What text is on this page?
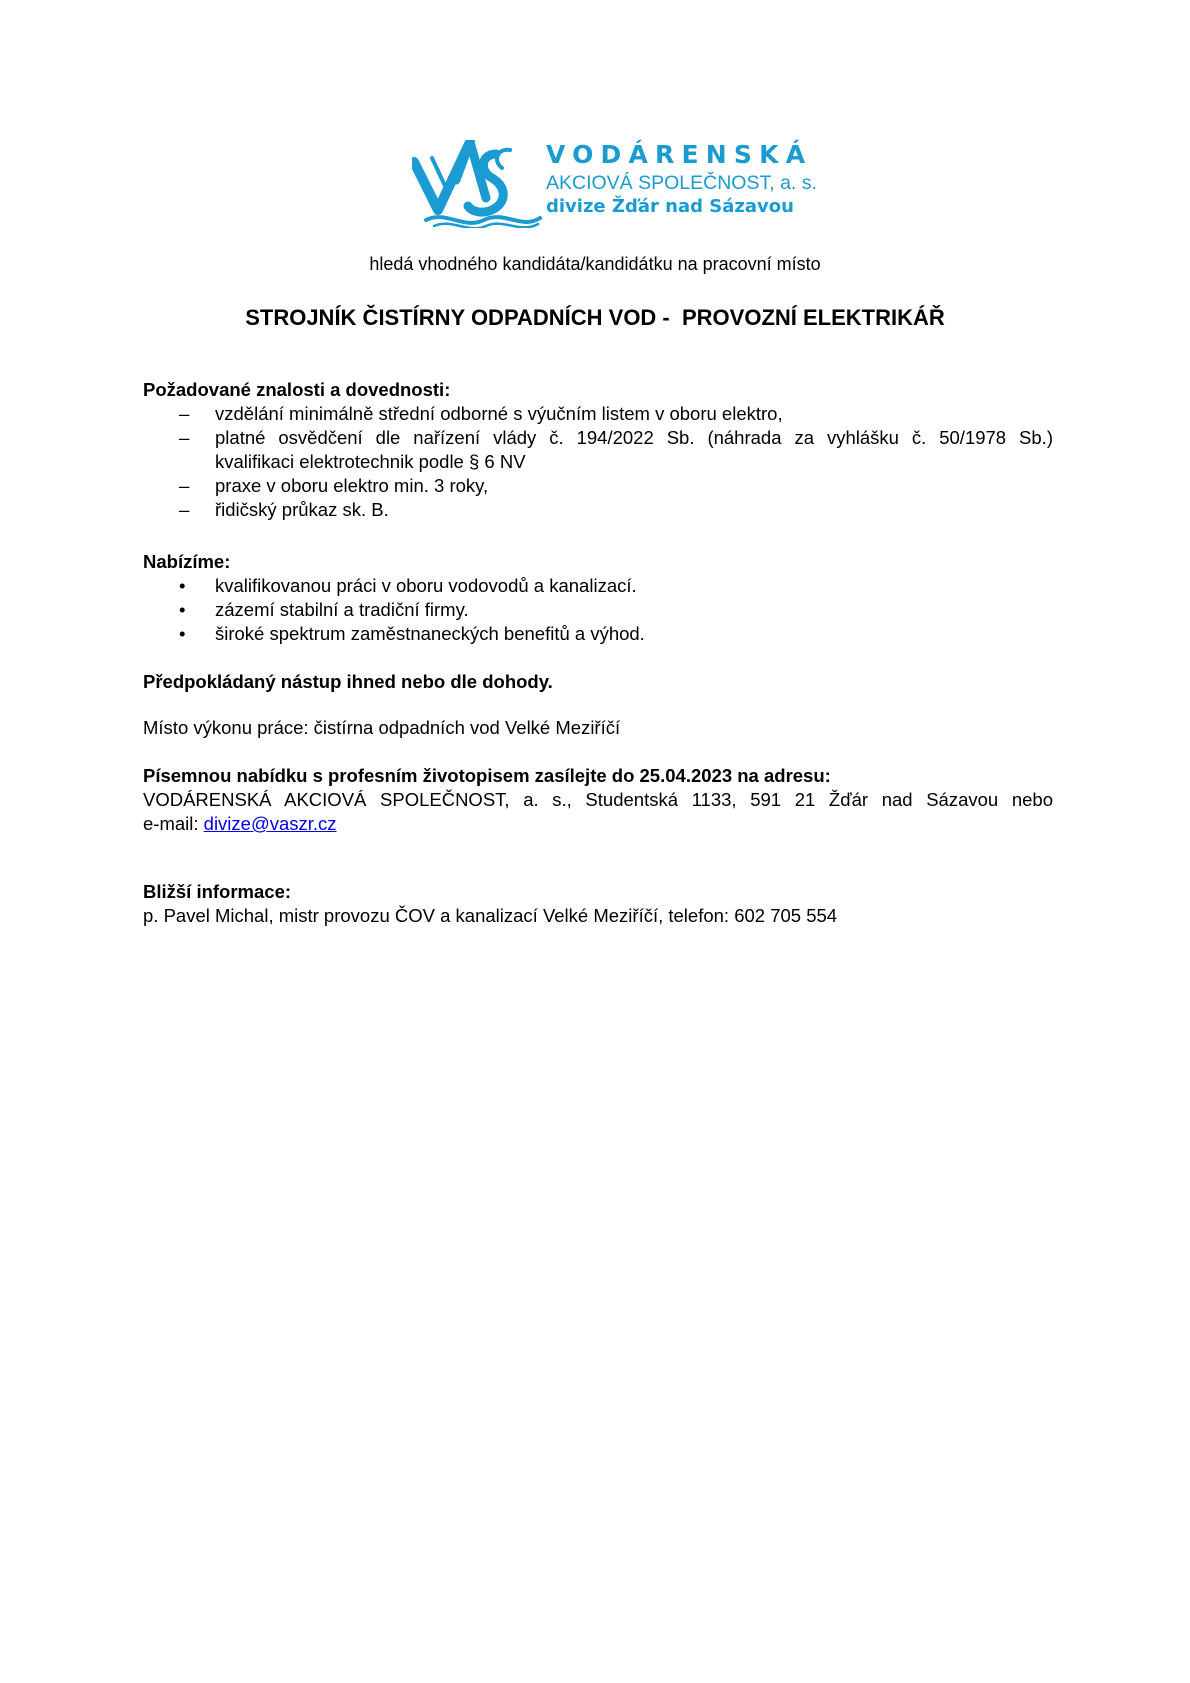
VODÁRENSKÁ
AKCIOVÁ SPOLEČNOST, a. s.
divize Žďár nad Sázavou
hledá vhodného kandidáta/kandidátku na pracovní místo
STROJNÍK ČISTÍRNY ODPADNÍCH VOD -  PROVOZNÍ ELEKTRIKÁŘ
Požadované znalosti a dovednosti:
– vzdělání minimálně střední odborné s výučním listem v oboru elektro,
– platné osvědčení dle nařízení vlády č. 194/2022 Sb. (náhrada za vyhlášku č. 50/1978 Sb.)
kvalifikaci elektrotechnik podle § 6 NV
– praxe v oboru elektro min. 3 roky,
– řidičský průkaz sk. B.
Nabízíme:
• kvalifikovanou práci v oboru vodovodů a kanalizací.
• zázemí stabilní a tradiční firmy.
• široké spektrum zaměstnaneckých benefitů a výhod.
Předpokládaný nástup ihned nebo dle dohody.
Místo výkonu práce: čistírna odpadních vod Velké Meziříčí
Písemnou nabídku s profesním životopisem zasílejte do 25.04.2023 na adresu:
VODÁRENSKÁ AKCIOVÁ SPOLEČNOST, a. s., Studentská 1133, 591 21 Žďár nad Sázavou nebo
e-mail: divize@vaszr.cz
Bližší informace:
p. Pavel Michal, mistr provozu ČOV a kanalizací Velké Meziříčí, telefon: 602 705 554
